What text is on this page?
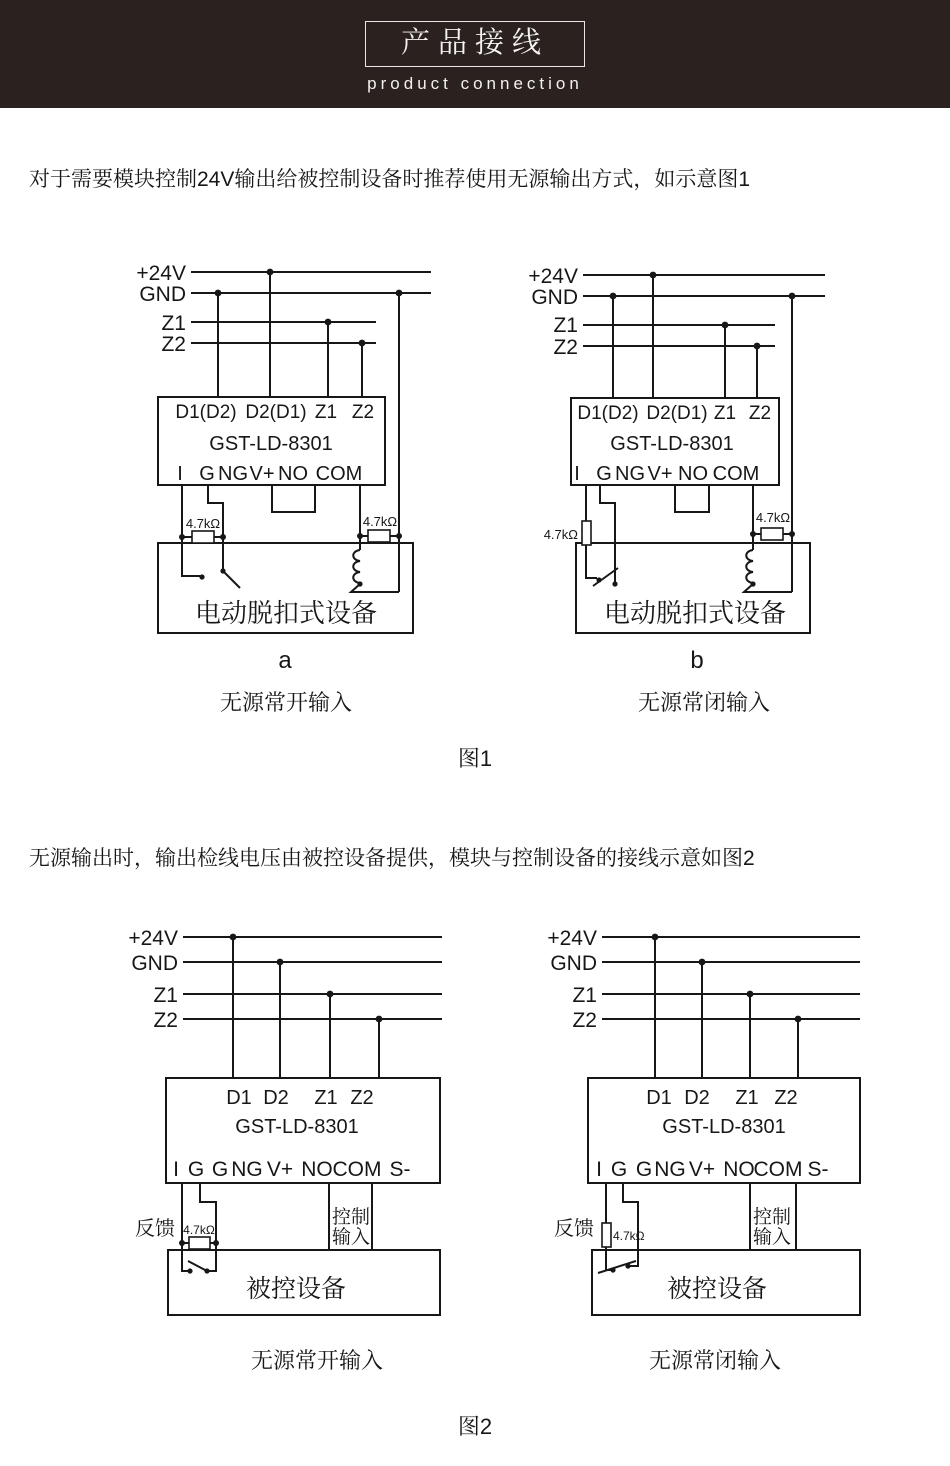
产品接线
product connection
对于需要模块控制24V输出给被控制设备时推荐使用无源输出方式，如示意图1
无源输出时，输出检线电压由被控设备提供，模块与控制设备的接线示意如图2
+24V
GND
Z1
Z2
D1(D2) D2(D1) Z1 Z2
GST-LD-8301
I G NG V+ NO COM
电动脱扣式设备
4.7kΩ	4.7kΩ
a
无源常开输入
+24V
GND
Z1
Z2
D1(D2) D2(D1) Z1 Z2
GST-LD-8301
I G NG V+ NO COM
电动脱扣式设备
4.7kΩ
4.7kΩ
b
无源常闭输入
图1
+24V
GND
Z1
Z2
D1 D2 Z1 Z2
GST-LD-8301
I G G NG V+ NO COM S-
被控设备
4.7kΩ
反馈
控制
输入
无源常开输入
+24V
GND
Z1
Z2
D1 D2 Z1 Z2
GST-LD-8301
I G G NG V+ NO
COM S-
被控设备
4.7kΩ
反馈
控制
输入
无源常闭输入
图2
